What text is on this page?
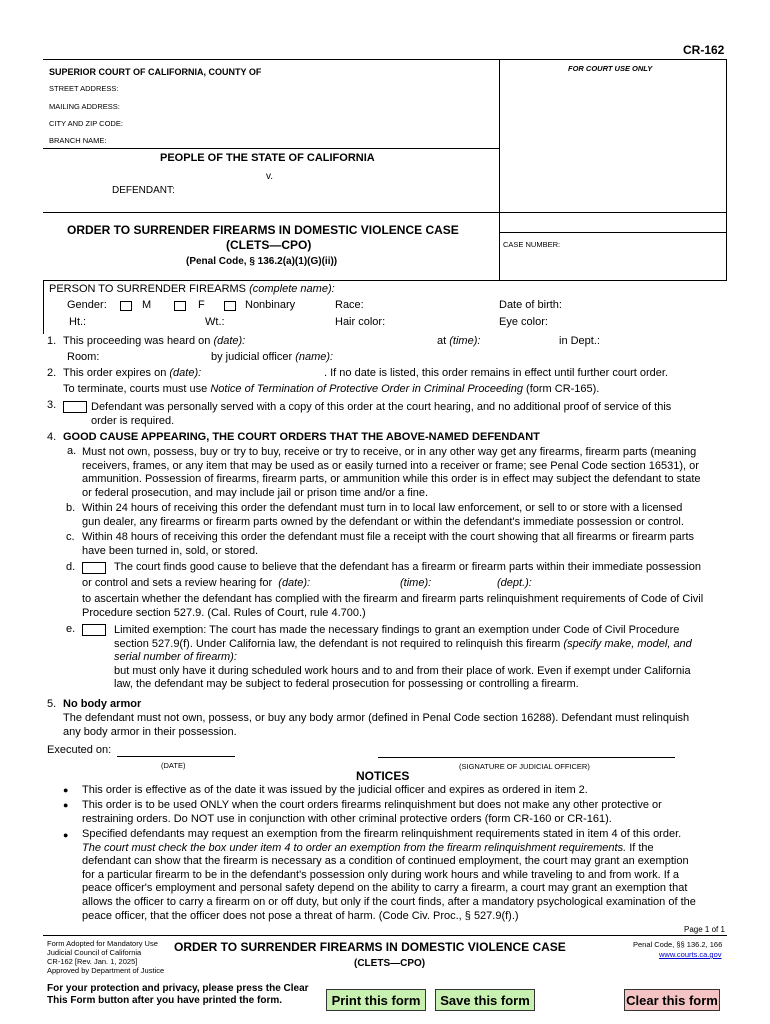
CR-162
SUPERIOR COURT OF CALIFORNIA, COUNTY OF	FOR COURT USE ONLY
STREET ADDRESS:
MAILING ADDRESS:
CITY AND ZIP CODE:
BRANCH NAME:
PEOPLE OF THE STATE OF CALIFORNIA
v.
DEFENDANT:
ORDER TO SURRENDER FIREARMS IN DOMESTIC VIOLENCE CASE
(CLETS—CPO)
(Penal Code, § 136.2(a)(1)(G)(ii))
CASE NUMBER:
PERSON TO SURRENDER FIREARMS (complete name):
Gender:	M	F	Nonbinary	Race:	Date of birth:
Ht.:	Wt.:	Hair color:	Eye color:
1. This proceeding was heard on (date):	at (time):	in Dept.:
Room:	by judicial officer (name):
2. This order expires on (date):	. If no date is listed, this order remains in effect until further court order.
To terminate, courts must use Notice of Termination of Protective Order in Criminal Proceeding (form CR-165).
3.	Defendant was personally served with a copy of this order at the court hearing, and no additional proof of service of this
order is required.
4. GOOD CAUSE APPEARING, THE COURT ORDERS THAT THE ABOVE-NAMED DEFENDANT
a. Must not own, possess, buy or try to buy, receive or try to receive, or in any other way get any firearms, firearm parts (meaning
receivers, frames, or any item that may be used as or easily turned into a receiver or frame; see Penal Code section 16531), or
ammunition. Possession of firearms, firearm parts, or ammunition while this order is in effect may subject the defendant to state
or federal prosecution, and may include jail or prison time and/or a fine.
b. Within 24 hours of receiving this order the defendant must turn in to local law enforcement, or sell to or store with a licensed
gun dealer, any firearms or firearm parts owned by the defendant or within the defendant's immediate possession or control.
c. Within 48 hours of receiving this order the defendant must file a receipt with the court showing that all firearms or firearm parts
have been turned in, sold, or stored.
d.	The court finds good cause to believe that the defendant has a firearm or firearm parts within their immediate possession
or control and sets a review hearing for (date):	(time):	(dept.):
to ascertain whether the defendant has complied with the firearm and firearm parts relinquishment requirements of Code of Civil
Procedure section 527.9. (Cal. Rules of Court, rule 4.700.)
e.	Limited exemption: The court has made the necessary findings to grant an exemption under Code of Civil Procedure
section 527.9(f). Under California law, the defendant is not required to relinquish this firearm (specify make, model, and
serial number of firearm):
but must only have it during scheduled work hours and to and from their place of work. Even if exempt under California
law, the defendant may be subject to federal prosecution for possessing or controlling a firearm.
5. No body armor
The defendant must not own, possess, or buy any body armor (defined in Penal Code section 16288). Defendant must relinquish
any body armor in their possession.
Executed on:
(DATE)	(SIGNATURE OF JUDICIAL OFFICER)
NOTICES
● This order is effective as of the date it was issued by the judicial officer and expires as ordered in item 2.
● This order is to be used ONLY when the court orders firearms relinquishment but does not make any other protective or
restraining orders. Do NOT use in conjunction with other criminal protective orders (form CR-160 or CR-161).
● Specified defendants may request an exemption from the firearm relinquishment requirements stated in item 4 of this order.
The court must check the box under item 4 to order an exemption from the firearm relinquishment requirements. If the
defendant can show that the firearm is necessary as a condition of continued employment, the court may grant an exemption
for a particular firearm to be in the defendant's possession only during work hours and while traveling to and from work. If a
peace officer's employment and personal safety depend on the ability to carry a firearm, a court may grant an exemption that
allows the officer to carry a firearm on or off duty, but only if the court finds, after a mandatory psychological examination of the
peace officer, that the officer does not pose a threat of harm. (Code Civ. Proc., § 527.9(f).)
Page 1 of 1
Form Adopted for Mandatory Use
Judicial Council of California
CR-162 [Rev. Jan. 1, 2025]
Approved by Department of Justice
ORDER TO SURRENDER FIREARMS IN DOMESTIC VIOLENCE CASE
(CLETS—CPO)
Penal Code, §§ 136.2, 166
www.courts.ca.gov
For your protection and privacy, please press the Clear
This Form button after you have printed the form.	Print this form	Save this form	Clear this form
